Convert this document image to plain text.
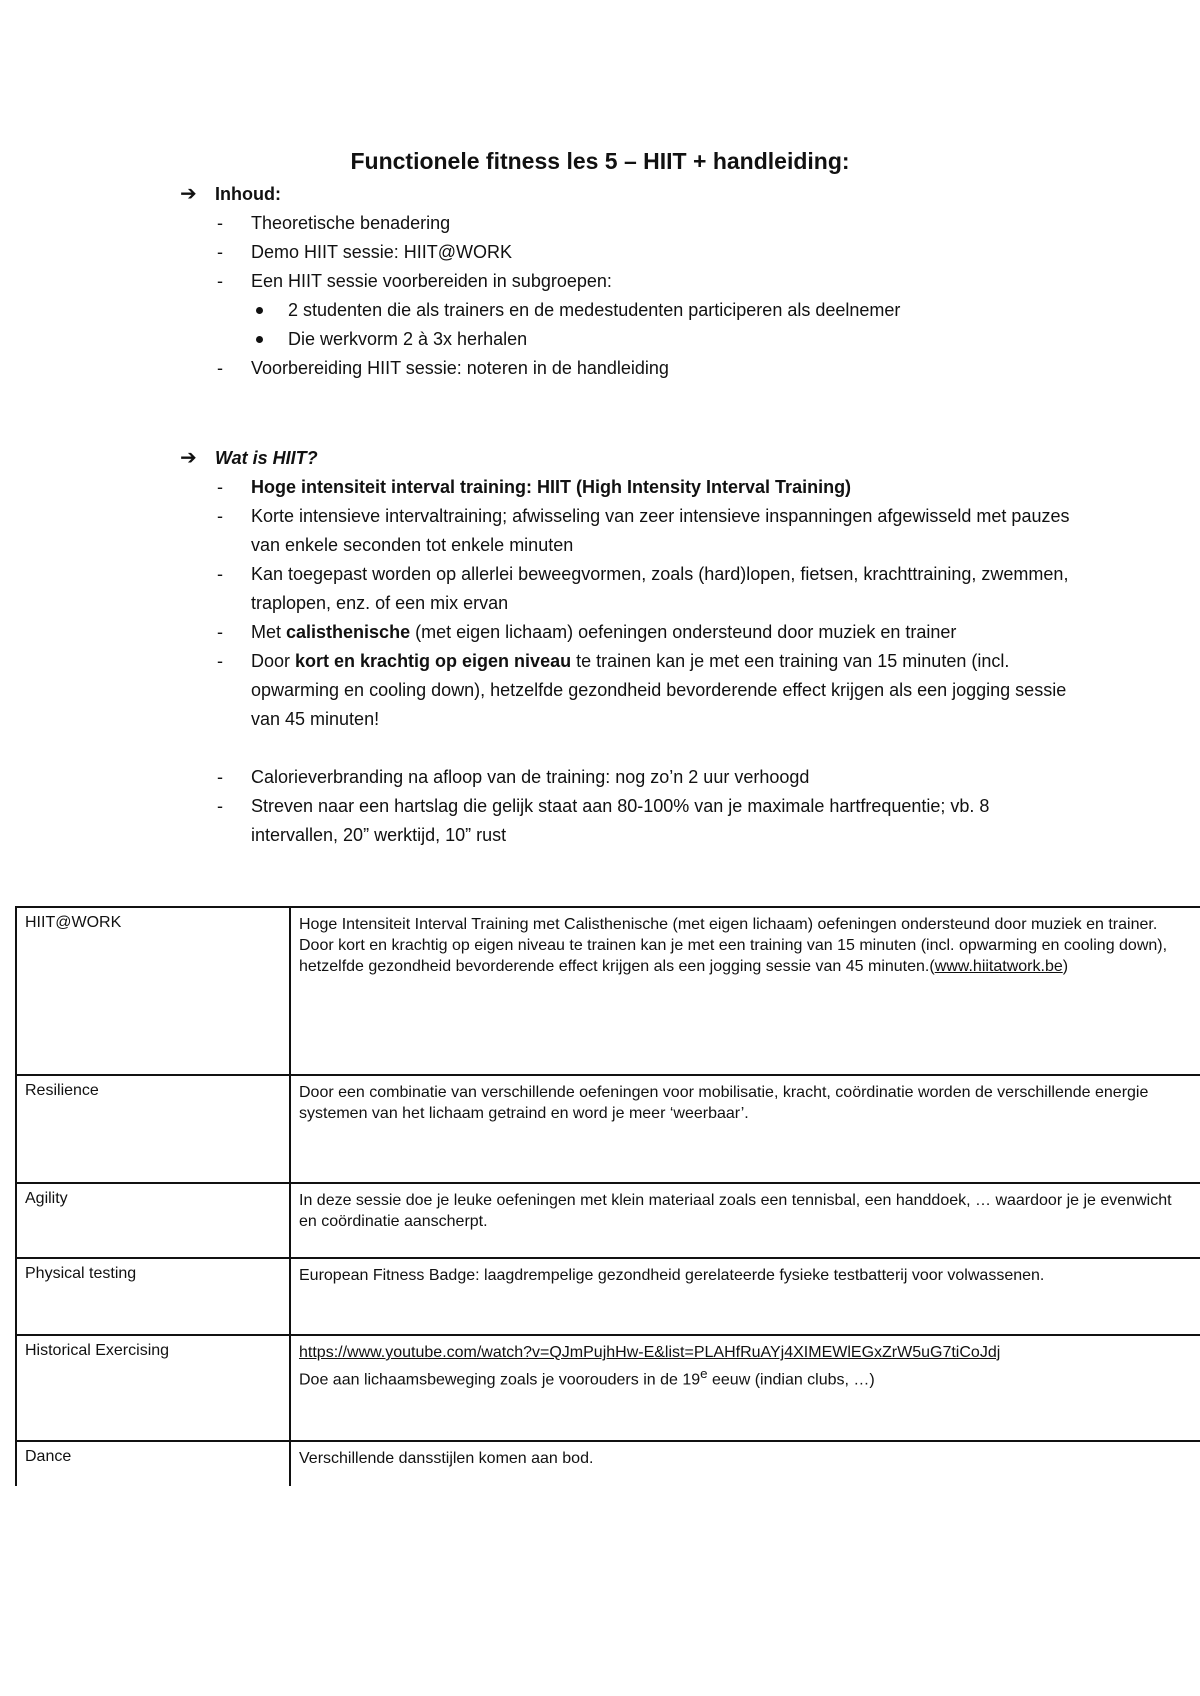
Functionele fitness les 5 – HIIT + handleiding:
➔ Inhoud:
- Theoretische benadering
- Demo HIIT sessie: HIIT@WORK
- Een HIIT sessie voorbereiden in subgroepen:
2 studenten die als trainers en de medestudenten participeren als deelnemer
Die werkvorm 2 à 3x herhalen
- Voorbereiding HIIT sessie: noteren in de handleiding
➔ Wat is HIIT?
- Hoge intensiteit interval training: HIIT (High Intensity Interval Training)
- Korte intensieve intervaltraining; afwisseling van zeer intensieve inspanningen afgewisseld met pauzes van enkele seconden tot enkele minuten
- Kan toegepast worden op allerlei beweegvormen, zoals (hard)lopen, fietsen, krachttraining, zwemmen, traplopen, enz. of een mix ervan
- Met calisthenische (met eigen lichaam) oefeningen ondersteund door muziek en trainer
- Door kort en krachtig op eigen niveau te trainen kan je met een training van 15 minuten (incl. opwarming en cooling down), hetzelfde gezondheid bevorderende effect krijgen als een jogging sessie van 45 minuten!
- Calorieverbranding na afloop van de training: nog zo’n 2 uur verhoogd
- Streven naar een hartslag die gelijk staat aan 80-100% van je maximale hartfrequentie; vb. 8 intervallen, 20” werktijd, 10” rust
HIIT@WORK	Hoge Intensiteit Interval Training met Calisthenische (met eigen lichaam) oefeningen ondersteund door muziek en trainer. Door kort en krachtig op eigen niveau te trainen kan je met een training van 15 minuten (incl. opwarming en cooling down), hetzelfde gezondheid bevorderende effect krijgen als een jogging sessie van 45 minuten.(www.hiitatwork.be)
Resilience	Door een combinatie van verschillende oefeningen voor mobilisatie, kracht, coördinatie worden de verschillende energie systemen van het lichaam getraind en word je meer ‘weerbaar’.
Agility	In deze sessie doe je leuke oefeningen met klein materiaal zoals een tennisbal, een handdoek, … waardoor je je evenwicht en coördinatie aanscherpt.
Physical testing	European Fitness Badge: laagdrempelige gezondheid gerelateerde fysieke testbatterij voor volwassenen.
Historical Exercising	https://www.youtube.com/watch?v=QJmPujhHw-E&list=PLAHfRuAYj4XIMEWlEGxZrW5uG7tiCoJdj
Doe aan lichaamsbeweging zoals je voorouders in de 19e eeuw (indian clubs, …)
Dance	Verschillende dansstijlen komen aan bod.
